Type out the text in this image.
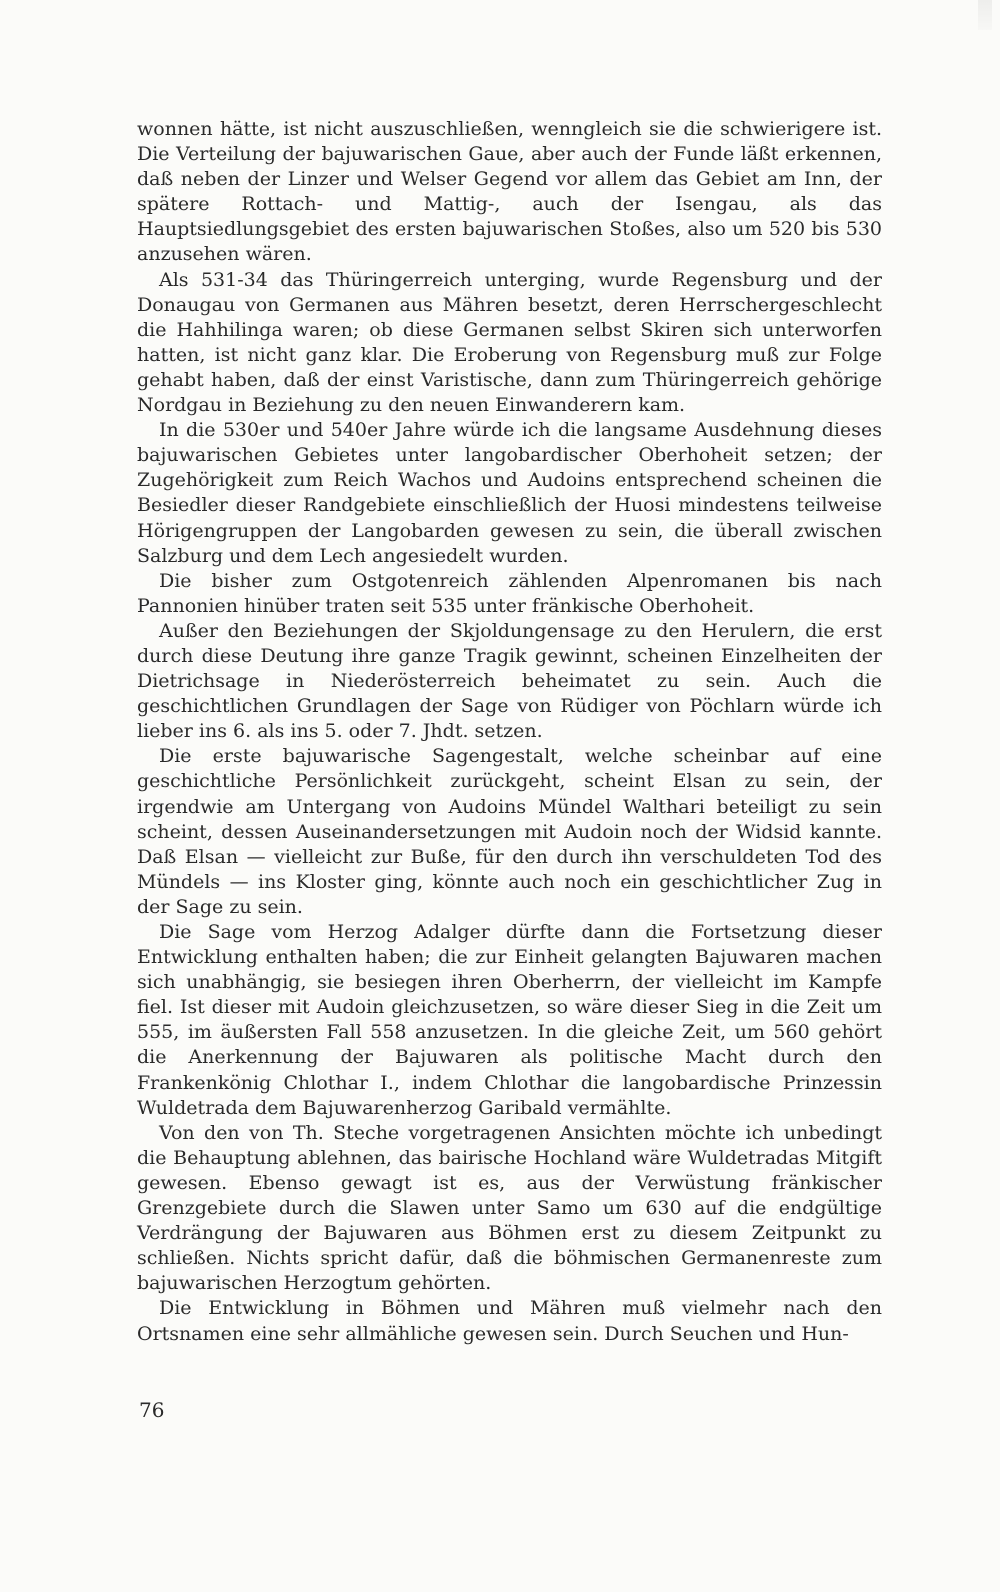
wonnen hätte, ist nicht auszuschließen, wenngleich sie die schwierigere ist. Die Verteilung der bajuwarischen Gaue, aber auch der Funde läßt erkennen, daß neben der Linzer und Welser Gegend vor allem das Gebiet am Inn, der spätere Rottach- und Mattig-, auch der Isengau, als das Hauptsiedlungsgebiet des ersten bajuwarischen Stoßes, also um 520 bis 530 anzusehen wären.

Als 531-34 das Thüringerreich unterging, wurde Regensburg und der Donaugau von Germanen aus Mähren besetzt, deren Herrschergeschlecht die Hahhilinga waren; ob diese Germanen selbst Skiren sich unterworfen hatten, ist nicht ganz klar. Die Eroberung von Regensburg muß zur Folge gehabt haben, daß der einst Varistische, dann zum Thüringerreich gehörige Nordgau in Beziehung zu den neuen Einwanderern kam.

In die 530er und 540er Jahre würde ich die langsame Ausdehnung dieses bajuwarischen Gebietes unter langobardischer Oberhoheit setzen; der Zugehörigkeit zum Reich Wachos und Audoins entsprechend scheinen die Besiedler dieser Randgebiete einschließlich der Huosi mindestens teilweise Hörigengruppen der Langobarden gewesen zu sein, die überall zwischen Salzburg und dem Lech angesiedelt wurden.

Die bisher zum Ostgotenreich zählenden Alpenromanen bis nach Pannonien hinüber traten seit 535 unter fränkische Oberhoheit.

Außer den Beziehungen der Skjoldungensage zu den Herulern, die erst durch diese Deutung ihre ganze Tragik gewinnt, scheinen Einzelheiten der Dietrichsage in Niederösterreich beheimatet zu sein. Auch die geschichtlichen Grundlagen der Sage von Rüdiger von Pöchlarn würde ich lieber ins 6. als ins 5. oder 7. Jhdt. setzen.

Die erste bajuwarische Sagengestalt, welche scheinbar auf eine geschichtliche Persönlichkeit zurückgeht, scheint Elsan zu sein, der irgendwie am Untergang von Audoins Mündel Walthari beteiligt zu sein scheint, dessen Auseinandersetzungen mit Audoin noch der Widsid kannte. Daß Elsan — vielleicht zur Buße, für den durch ihn verschuldeten Tod des Mündels — ins Kloster ging, könnte auch noch ein geschichtlicher Zug in der Sage zu sein.

Die Sage vom Herzog Adalger dürfte dann die Fortsetzung dieser Entwicklung enthalten haben; die zur Einheit gelangten Bajuwaren machen sich unabhängig, sie besiegen ihren Oberherrn, der vielleicht im Kampfe fiel. Ist dieser mit Audoin gleichzusetzen, so wäre dieser Sieg in die Zeit um 555, im äußersten Fall 558 anzusetzen. In die gleiche Zeit, um 560 gehört die Anerkennung der Bajuwaren als politische Macht durch den Frankenkönig Chlothar I., indem Chlothar die langobardische Prinzessin Wuldetrada dem Bajuwarenherzog Garibald vermählte.

Von den von Th. Steche vorgetragenen Ansichten möchte ich unbedingt die Behauptung ablehnen, das bairische Hochland wäre Wuldetradas Mitgift gewesen. Ebenso gewagt ist es, aus der Verwüstung fränkischer Grenzgebiete durch die Slawen unter Samo um 630 auf die endgültige Verdrängung der Bajuwaren aus Böhmen erst zu diesem Zeitpunkt zu schließen. Nichts spricht dafür, daß die böhmischen Germanenreste zum bajuwarischen Herzogtum gehörten.

Die Entwicklung in Böhmen und Mähren muß vielmehr nach den Ortsnamen eine sehr allmähliche gewesen sein. Durch Seuchen und Hun-

76
